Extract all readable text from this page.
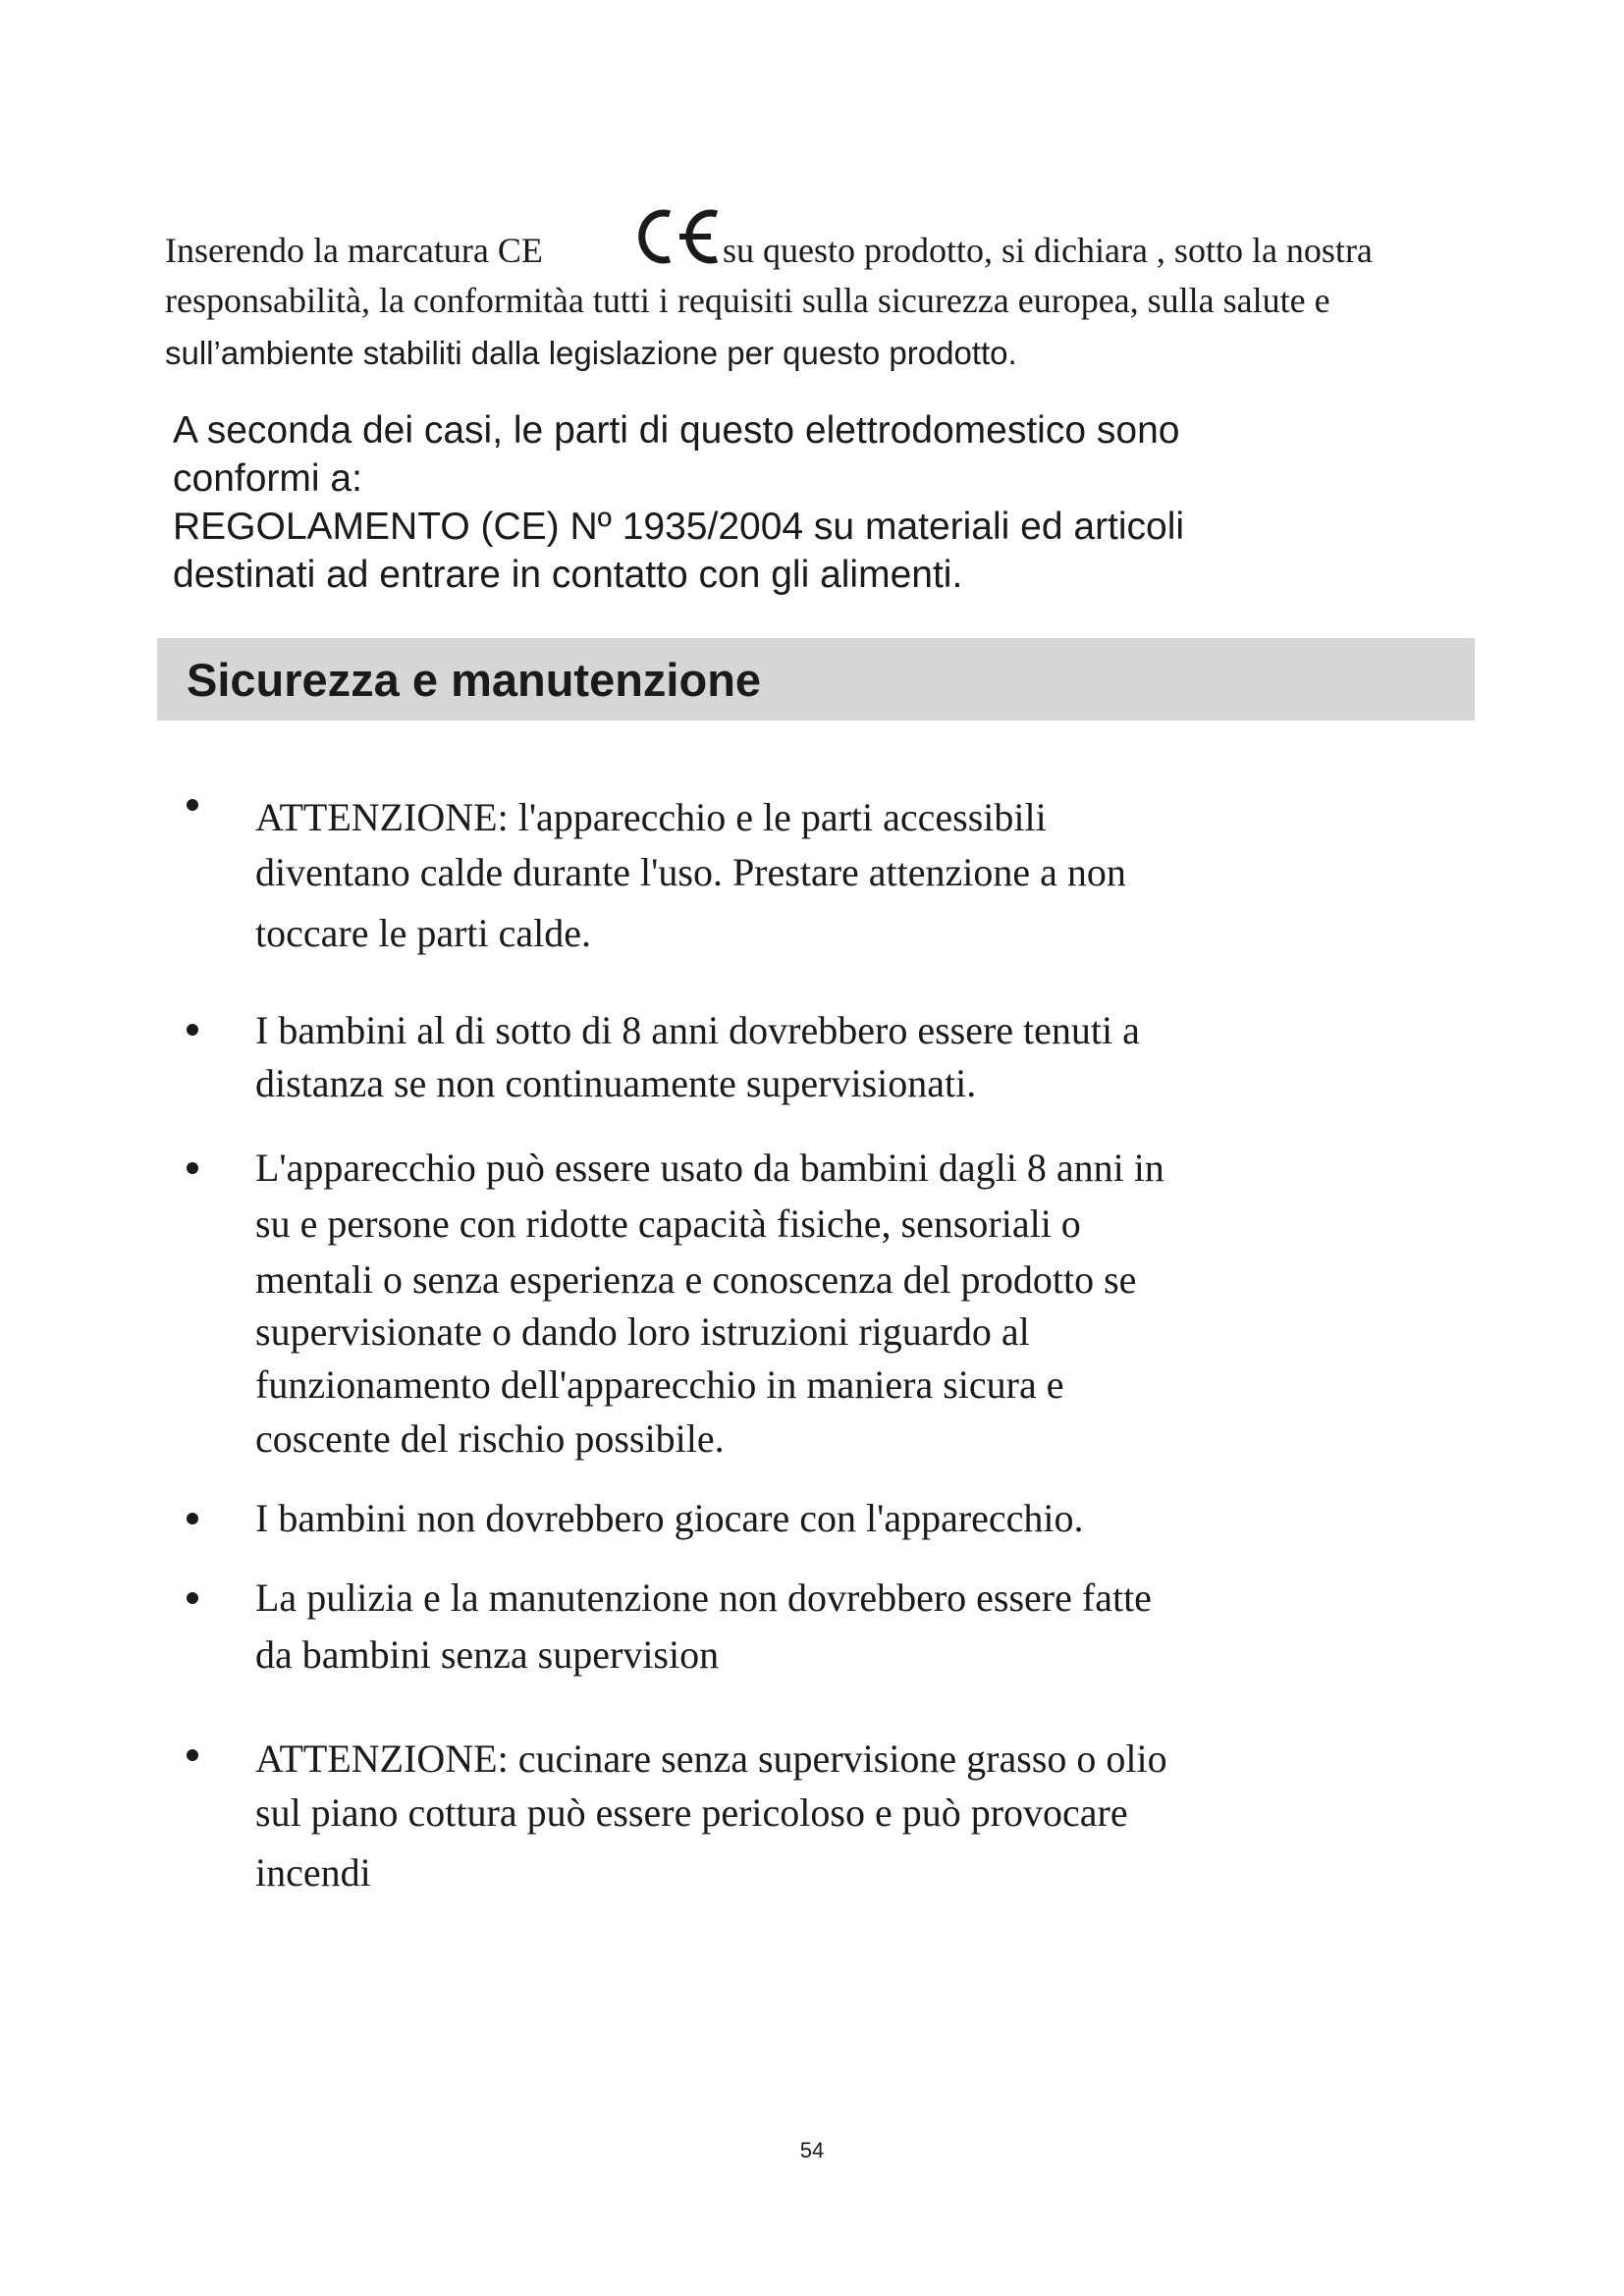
Inserendo la marcatura CE	su questo prodotto, si dichiara , sotto la nostra
responsabilità, la conformitàa tutti i requisiti sulla sicurezza europea, sulla salute e
sull’ambiente stabiliti dalla legislazione per questo prodotto.

A seconda dei casi, le parti di questo elettrodomestico sono

conformi a:

REGOLAMENTO (CE) Nº 1935/2004 su materiali ed articoli

destinati ad entrare in contatto con gli alimenti.

Sicurezza e manutenzione
ATTENZIONE: l'apparecchio e le parti accessibili
diventano calde durante l'uso. Prestare attenzione a non
toccare le parti calde.
I bambini al di sotto di 8 anni dovrebbero essere tenuti a
distanza se non continuamente supervisionati.
L'apparecchio può essere usato da bambini dagli 8 anni in
su e persone con ridotte capacità fisiche, sensoriali o
mentali o senza esperienza e conoscenza del prodotto se
supervisionate o dando loro istruzioni riguardo al
funzionamento dell'apparecchio in maniera sicura e
coscente del rischio possibile.
I bambini non dovrebbero giocare con l'apparecchio.
La pulizia e la manutenzione non dovrebbero essere fatte
da bambini senza supervision
ATTENZIONE: cucinare senza supervisione grasso o olio
sul piano cottura può essere pericoloso e può provocare
incendi
54
